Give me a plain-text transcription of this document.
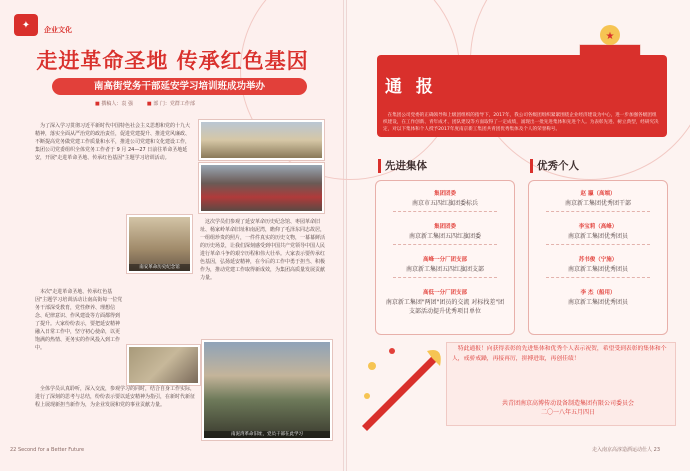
✦	企业文化
走进革命圣地 传承红色基因
南高街党务干部延安学习培训班成功举办
■ 撰稿人：袁 强
■	部 门：党群工作部
为了深入学习贯彻习近平新时代中国特色社会主义思想和党的十九大精神，落实全面从严治党的政治责任，促进党建提升、推进党风廉政、不断提高党务做党建工作质量和水平，推进公司党建和文化建设工作，集团公司党委组织全体党务工作者于 9 月 24—27 日前往革命圣地延安，开展"走进革命圣地、传承红色基因"主题学习培训活动。
南安革命历史纪念馆
南泥湾革命旧址，党员干部在此学习
这次学员们参观了延安革命历史纪念馆、枣园革命旧址、杨家岭革命旧址和南泥湾，瞻仰了毛泽东同志故居，一组组珍贵的照片，一件件真实的历史文物，一幕幕鲜活的历史场景，让我们深刻感受到中国共产党领导中国人民进行革命斗争的艰辛历程和伟大壮举。大家表示要传承红色基因，弘扬延安精神，在今后的工作中勇于担当、积极作为，推动党建工作取得新成效，为集团高质量发展贡献力量。
本次"走进革命圣地、传承红色基因"主题学习培训活动让南高街每一位党务干部深受教育，党性修养、理想信念、纪律意识、作风建设等方面都得到了提升。大家纷纷表示，要把延安精神融入日常工作中，坚守初心使命，以更饱满的热情、更务实的作风投入到工作中。
全体学员认真聆听，深入交流，参观学习的同时，结合自身工作实际，进行了深刻的思考与总结，纷纷表示要以延安精神为指引，在新时代新征程上展现新担当新作为，为企业发展和党的事业贡献力量。
22 Second for a Better Future
★
通 报
在集团公司党委的正确领导和上级团组织的指导下，2017年，我公司各级团组织紧紧围绕企业经济建设为中心，进一步加强各级团组织建设，在工作创新、青年成才、团队建设等方面取得了一定成绩，涌现出一批先进集体和先进个人。为表彰先进、树立典型，经研究决定，对以下集体和个人授予2017年度南京新工集团共青团优秀集体及个人的荣誉称号。
先进集体	优秀个人
集团团委
南京市五四红旗团委标兵
集团团委
南京新工集团五四红旗团委
高峰一分厂团支部
南京新工集团五四红旗团支部
高低一分厂团支部
南京新工集团"两团"团员的交流 对标找差"团支部活动提升优秀项目单位
赵 瀛（高端）
南京新工集团优秀团干部
李宝莉（高峰）
南京新工集团优秀团员
苏书俊（宁施）
南京新工集团优秀团员
李 杰（船用）
南京新工集团优秀团员
特此通报！向获得表彰的先进集体和优秀个人表示祝贺，希望受到表彰的集体和个人，戒骄戒躁，再接再厉，拼搏进取，再创佳绩！
共青团南京高博传动设备制造集团有限公司委员会
二〇一八年五月四日
走入南京高淳造酒运动仕人 23
